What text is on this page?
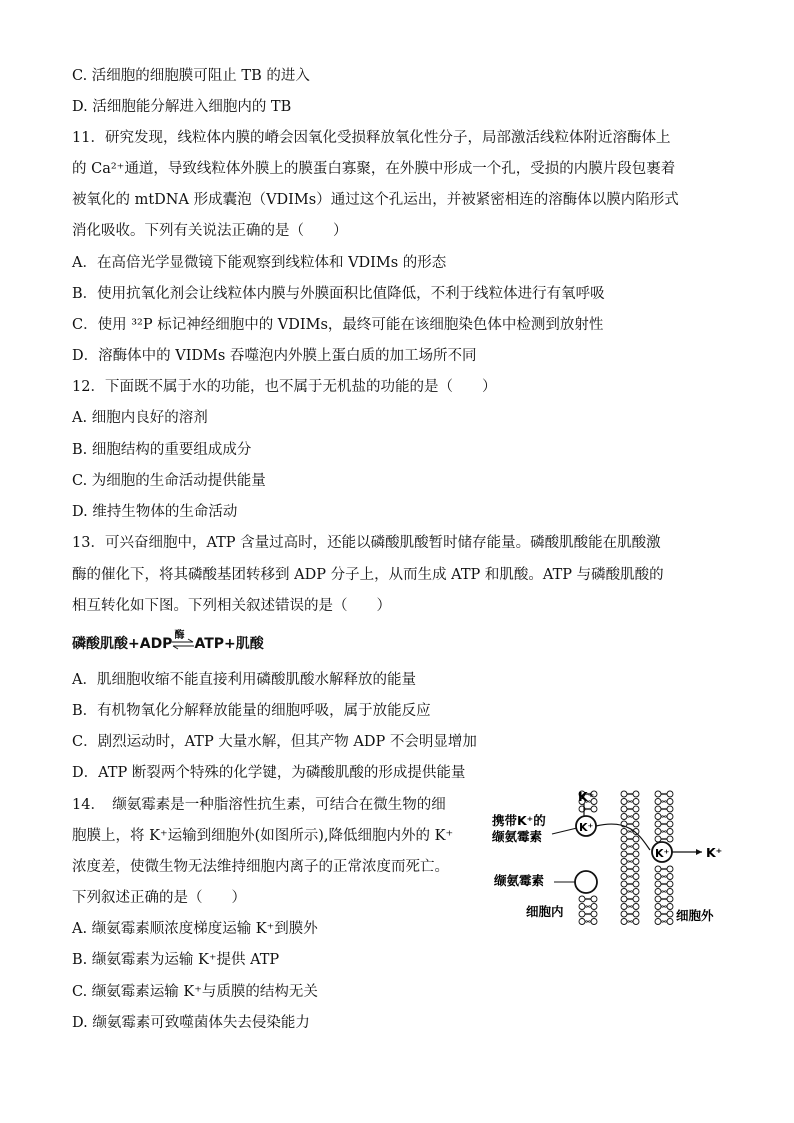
C. 活细胞的细胞膜可阻止 TB 的进入
D. 活细胞能分解进入细胞内的 TB
11．研究发现，线粒体内膜的嵴会因氧化受损释放氧化性分子，局部激活线粒体附近溶酶体上
的 Ca²⁺通道，导致线粒体外膜上的膜蛋白寡聚，在外膜中形成一个孔，受损的内膜片段包裹着
被氧化的 mtDNA 形成囊泡（VDIMs）通过这个孔运出，并被紧密相连的溶酶体以膜内陷形式
消化吸收。下列有关说法正确的是（　　）
A．在高倍光学显微镜下能观察到线粒体和 VDIMs 的形态
B．使用抗氧化剂会让线粒体内膜与外膜面积比值降低，不利于线粒体进行有氧呼吸
C．使用 ³²P 标记神经细胞中的 VDIMs，最终可能在该细胞染色体中检测到放射性
D．溶酶体中的 VIDMs 吞噬泡内外膜上蛋白质的加工场所不同
12．下面既不属于水的功能，也不属于无机盐的功能的是（　　）
A. 细胞内良好的溶剂
B. 细胞结构的重要组成成分
C. 为细胞的生命活动提供能量
D. 维持生物体的生命活动
13．可兴奋细胞中，ATP 含量过高时，还能以磷酸肌酸暂时储存能量。磷酸肌酸能在肌酸激
酶的催化下，将其磷酸基团转移到 ADP 分子上，从而生成 ATP 和肌酸。ATP 与磷酸肌酸的
相互转化如下图。下列相关叙述错误的是（　　）
磷酸肌酸+ADP
酶
ATP+肌酸
A．肌细胞收缩不能直接利用磷酸肌酸水解释放的能量
B．有机物氧化分解释放能量的细胞呼吸，属于放能反应
C．剧烈运动时，ATP 大量水解，但其产物 ADP 不会明显增加
D．ATP 断裂两个特殊的化学键，为磷酸肌酸的形成提供能量
14．　缬氨霉素是一种脂溶性抗生素，可结合在微生物的细
胞膜上，将 K⁺运输到细胞外(如图所示),降低细胞内外的 K⁺
浓度差，使微生物无法维持细胞内离子的正常浓度而死亡。
下列叙述正确的是（　　）
A. 缬氨霉素顺浓度梯度运输 K⁺到膜外
B. 缬氨霉素为运输 K⁺提供 ATP
C. 缬氨霉素运输 K⁺与质膜的结构无关
D. 缬氨霉素可致噬菌体失去侵染能力
K⁺
携带K⁺的
缬氨霉素
K⁺
K⁺	K⁺
缬氨霉素
细胞内	细胞外
